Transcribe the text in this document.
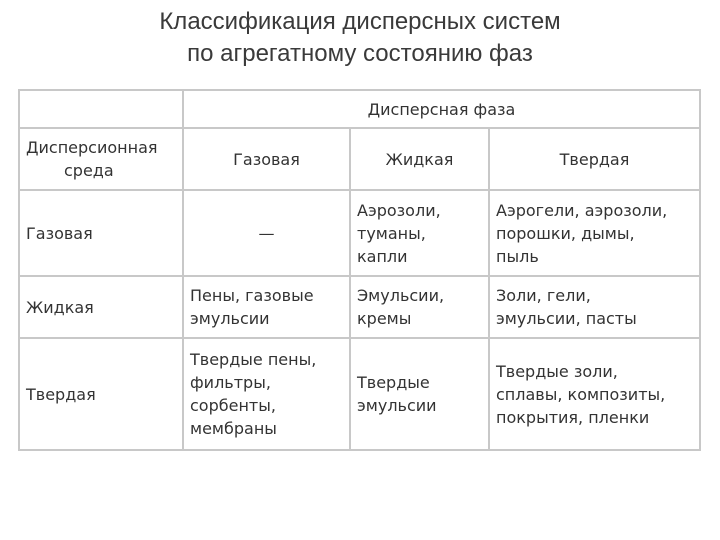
Классификация дисперсных систем
по агрегатному состоянию фаз
	Дисперсная фаза		

Дисперсионная
среда	Газовая	Жидкая	Твердая
Газовая	—	Аэрозоли,
туманы,
капли	Аэрогели, аэрозоли,
порошки, дымы,
пыль

Жидкая	Пены, газовые
эмульсии	Эмульсии,
кремы	Золи, гели,
эмульсии, пасты

Твердая	Твердые пены,
фильтры,
сорбенты,
мембраны	Твердые
эмульсии	Твердые золи,
сплавы, композиты,
покрытия, пленки
